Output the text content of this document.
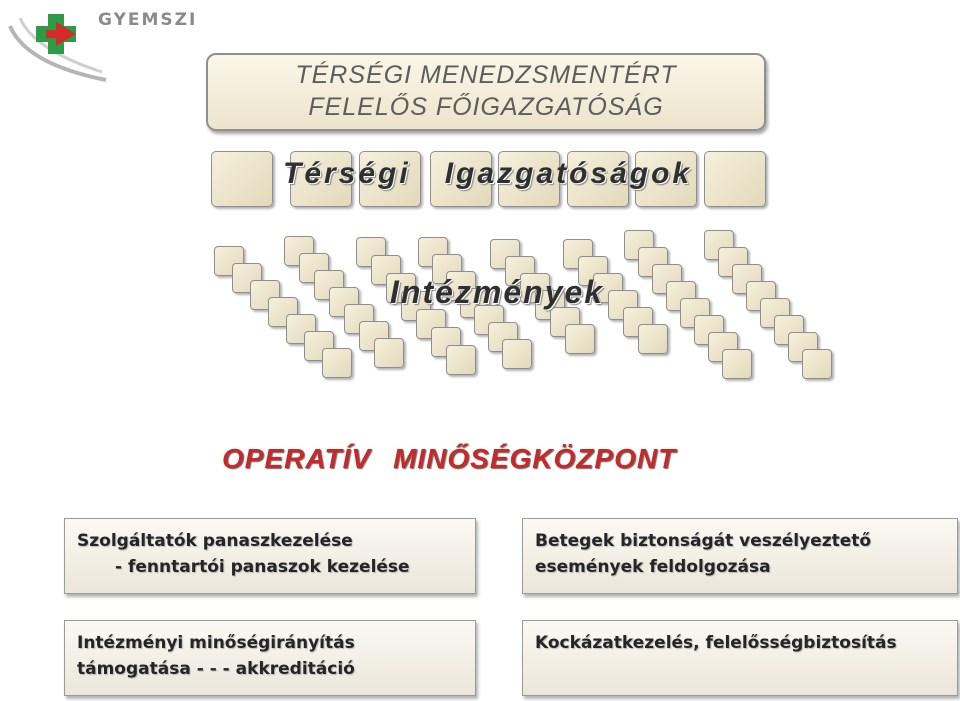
GYEMSZI
TÉRSÉGI MENEDZSMENTÉRT
FELELŐS FŐIGAZGATÓSÁG
Térségi   Igazgatóságok
Intézmények
OPERATÍV MINŐSÉGKÖZPONT
Szolgáltatók panaszkezelése
- fenntartói panaszok kezelése
Betegek biztonságát veszélyeztető
események feldolgozása
Intézményi minőségirányítás
támogatása - - - akkreditáció
Kockázatkezelés, felelősségbiztosítás
